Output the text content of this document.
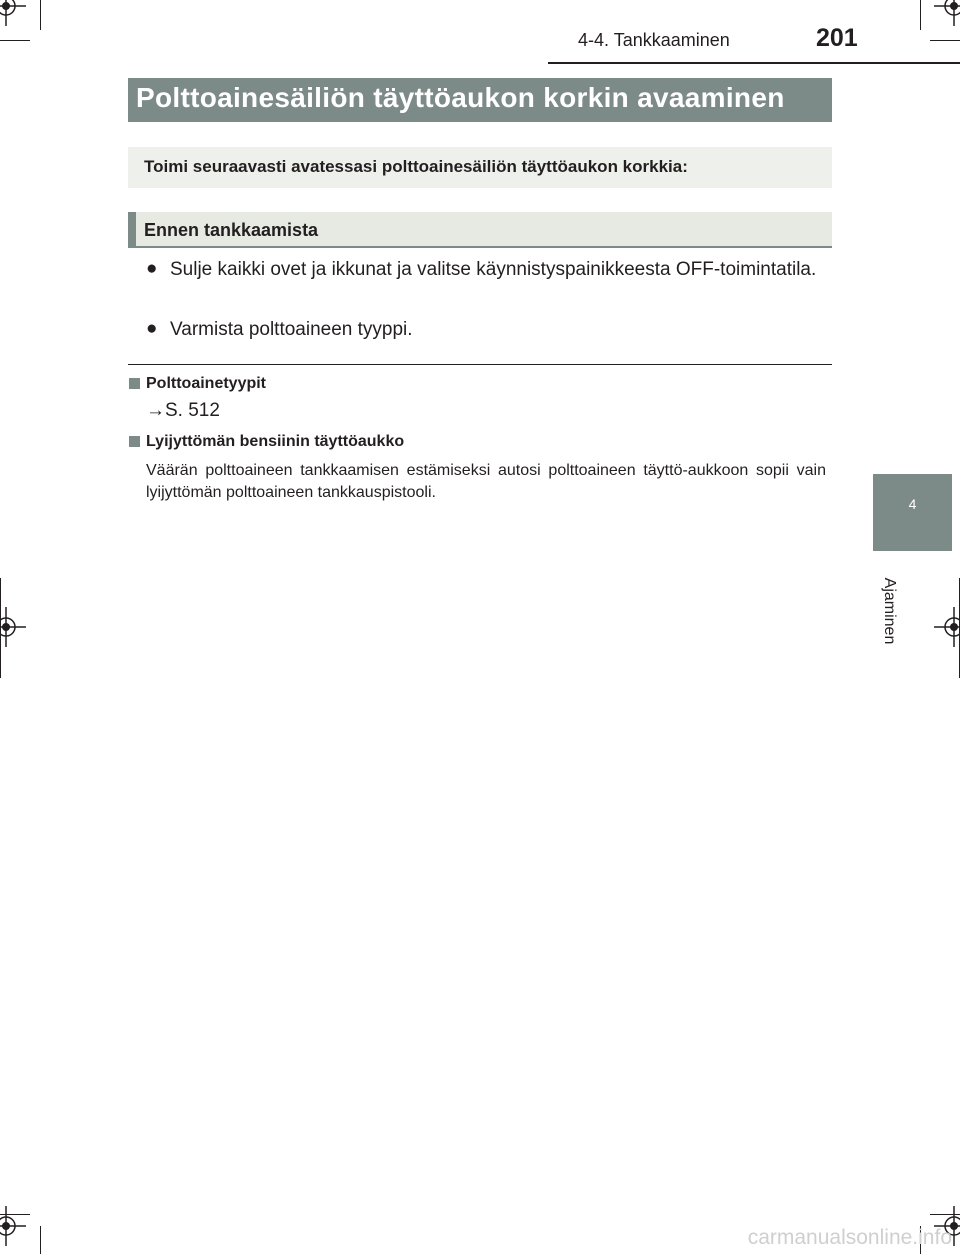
4-4. Tankkaaminen	201
4
Ajaminen
Polttoainesäiliön täyttöaukon korkin avaaminen
Toimi seuraavasti avatessasi polttoainesäiliön täyttöaukon korkkia:
Ennen tankkaamista
● Sulje kaikki ovet ja ikkunat ja valitse käynnistyspainikkeesta OFF-toimintatila.
● Varmista polttoaineen tyyppi.
Polttoainetyypit
→S. 512
Lyijyttömän bensiinin täyttöaukko
Väärän polttoaineen tankkaamisen estämiseksi autosi polttoaineen täyttö-aukkoon sopii vain lyijyttömän polttoaineen tankkauspistooli.
carmanualsonline.info
